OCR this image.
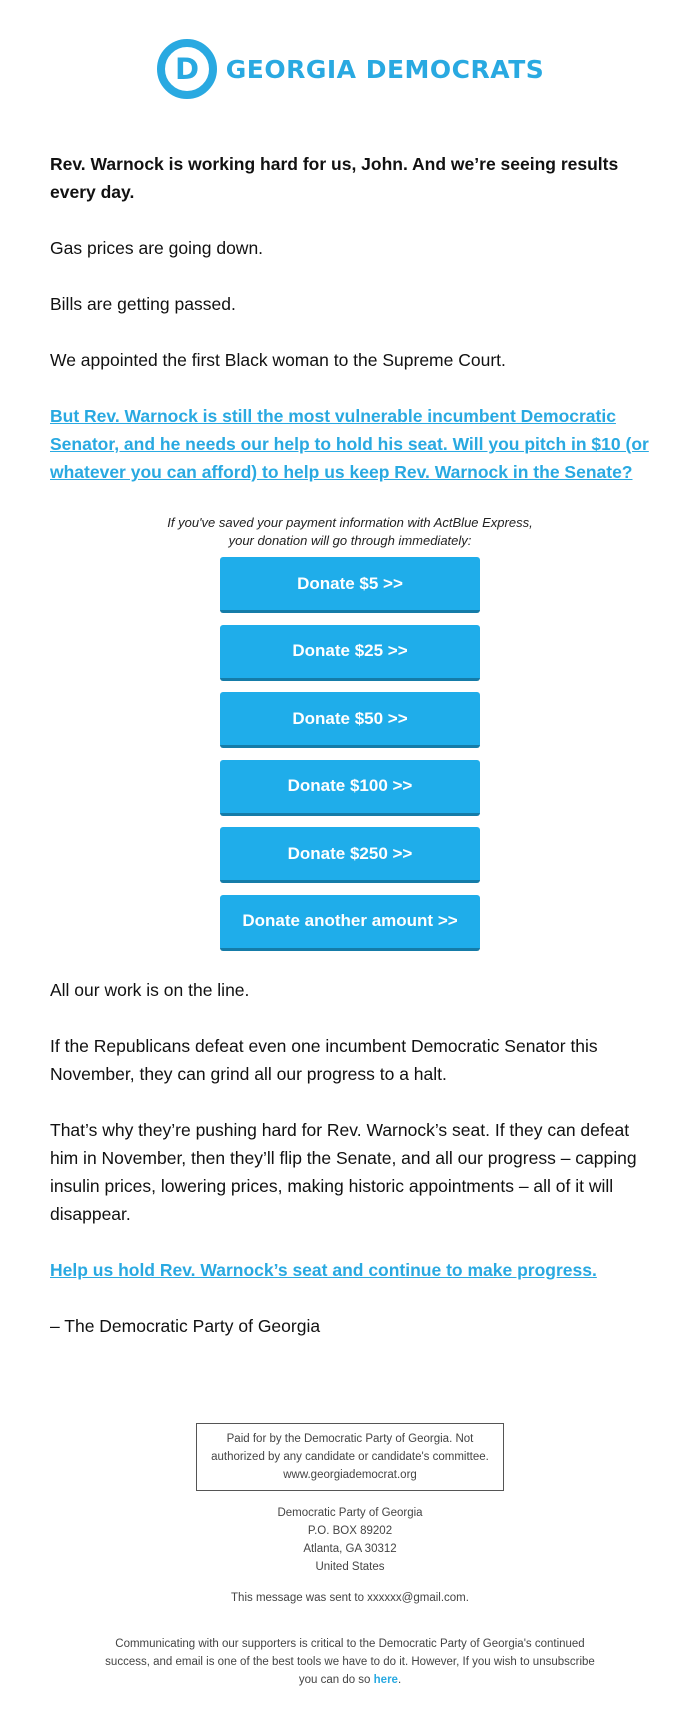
D GEORGIA DEMOCRATS

Rev. Warnock is working hard for us, John. And we’re seeing results every day.

Gas prices are going down.

Bills are getting passed.

We appointed the first Black woman to the Supreme Court.

But Rev. Warnock is still the most vulnerable incumbent Democratic Senator, and he needs our help to hold his seat. Will you pitch in $10 (or whatever you can afford) to help us keep Rev. Warnock in the Senate?

If you've saved your payment information with ActBlue Express,
your donation will go through immediately:
Donate $5 >>
Donate $25 >>
Donate $50 >>
Donate $100 >>
Donate $250 >>
Donate another amount >>

All our work is on the line.

If the Republicans defeat even one incumbent Democratic Senator this November, they can grind all our progress to a halt.

That’s why they’re pushing hard for Rev. Warnock’s seat. If they can defeat him in November, then they’ll flip the Senate, and all our progress – capping insulin prices, lowering prices, making historic appointments – all of it will disappear.

Help us hold Rev. Warnock’s seat and continue to make progress.

– The Democratic Party of Georgia

Paid for by the Democratic Party of Georgia. Not authorized by any candidate or candidate's committee.
www.georgiademocrat.org
Democratic Party of Georgia
P.O. BOX 89202
Atlanta, GA 30312
United States
This message was sent to xxxxxx@gmail.com.
Communicating with our supporters is critical to the Democratic Party of Georgia's continued success, and email is one of the best tools we have to do it. However, If you wish to unsubscribe you can do so here.
